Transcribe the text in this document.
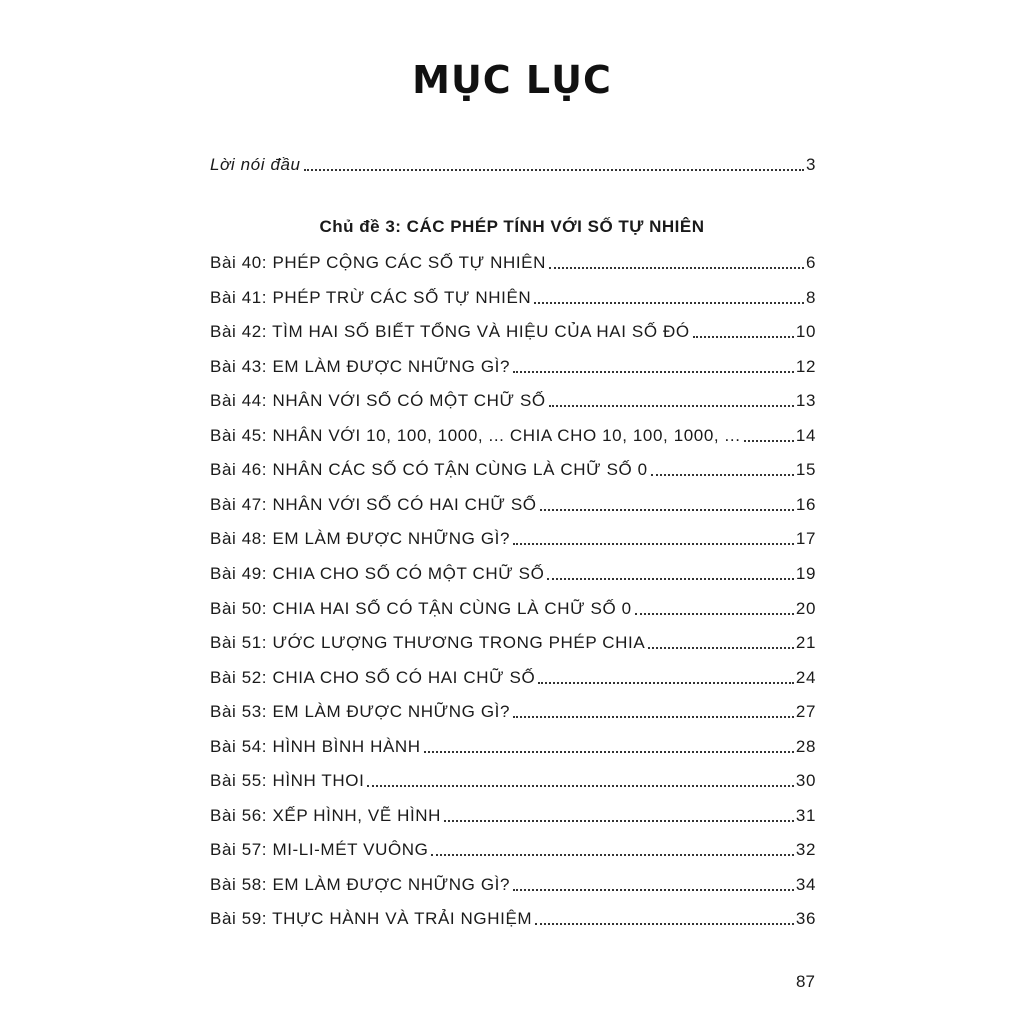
MỤC LỤC
Lời nói đầu	3
Chủ đề 3: CÁC PHÉP TÍNH VỚI SỐ TỰ NHIÊN
Bài 40: PHÉP CỘNG CÁC SỐ TỰ NHIÊN	6
Bài 41: PHÉP TRỪ CÁC SỐ TỰ NHIÊN	8
Bài 42: TÌM HAI SỐ BIẾT TỔNG VÀ HIỆU CỦA HAI SỐ ĐÓ	10
Bài 43: EM LÀM ĐƯỢC NHỮNG GÌ?	12
Bài 44: NHÂN VỚI SỐ CÓ MỘT CHỮ SỐ	13
Bài 45: NHÂN VỚI 10, 100, 1000, ... CHIA CHO 10, 100, 1000, ...	14
Bài 46: NHÂN CÁC SỐ CÓ TẬN CÙNG LÀ CHỮ SỐ 0	15
Bài 47: NHÂN VỚI SỐ CÓ HAI CHỮ SỐ	16
Bài 48: EM LÀM ĐƯỢC NHỮNG GÌ?	17
Bài 49: CHIA CHO SỐ CÓ MỘT CHỮ SỐ	19
Bài 50: CHIA HAI SỐ CÓ TẬN CÙNG LÀ CHỮ SỐ 0	20
Bài 51: ƯỚC LƯỢNG THƯƠNG TRONG PHÉP CHIA	21
Bài 52: CHIA CHO SỐ CÓ HAI CHỮ SỐ	24
Bài 53: EM LÀM ĐƯỢC NHỮNG GÌ?	27
Bài 54: HÌNH BÌNH HÀNH	28
Bài 55: HÌNH THOI	30
Bài 56: XẾP HÌNH, VẼ HÌNH	31
Bài 57: MI-LI-MÉT VUÔNG	32
Bài 58: EM LÀM ĐƯỢC NHỮNG GÌ?	34
Bài 59: THỰC HÀNH VÀ TRẢI NGHIỆM	36
87
